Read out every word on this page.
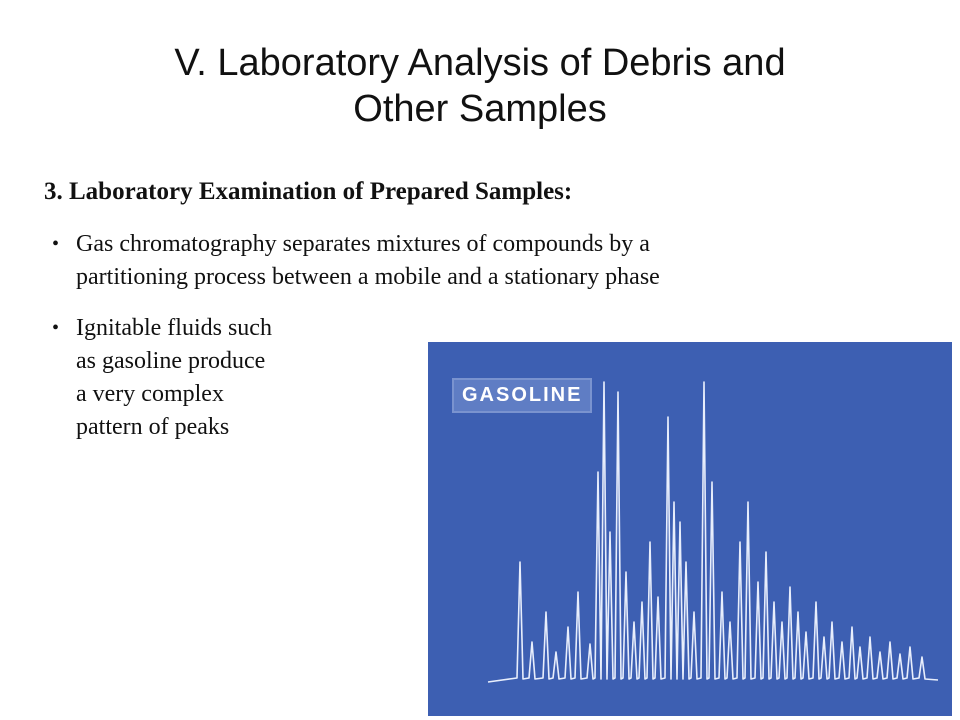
V. Laboratory Analysis of Debris and
Other Samples
3. Laboratory Examination of Prepared Samples:
• Gas chromatography separates mixtures of compounds by a
partitioning process between a mobile and a stationary phase
• Ignitable fluids such
as gasoline produce
a very complex
pattern of peaks
GASOLINE
